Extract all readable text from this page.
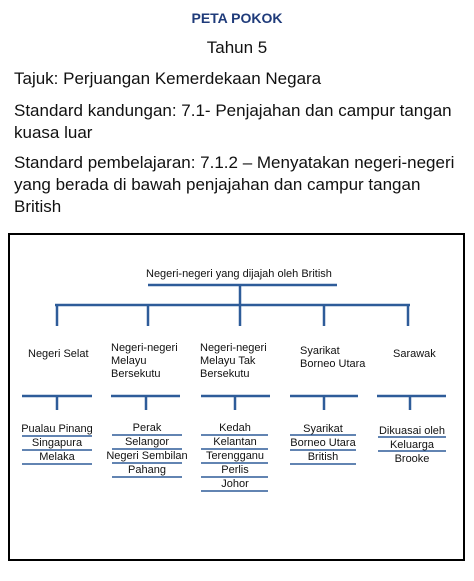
PETA POKOK
Tahun 5
Tajuk: Perjuangan Kemerdekaan Negara
Standard kandungan: 7.1- Penjajahan dan campur tangan kuasa luar
Standard pembelajaran: 7.1.2 – Menyatakan negeri-negeri yang berada di bawah penjajahan dan campur tangan British
Negeri-negeri yang dijajah oleh British
Negeri Selat	Negeri-negeri Melayu Bersekutu
Negeri-negeri Melayu Tak Bersekutu
Syarikat Borneo Utara
Sarawak
Pualau Pinang
Singapura
Melaka
Perak
Selangor
Negeri Sembilan
Pahang
Kedah
Kelantan
Terengganu
Perlis
Johor
Syarikat Borneo Utara British
Dikuasai oleh Keluarga Brooke
